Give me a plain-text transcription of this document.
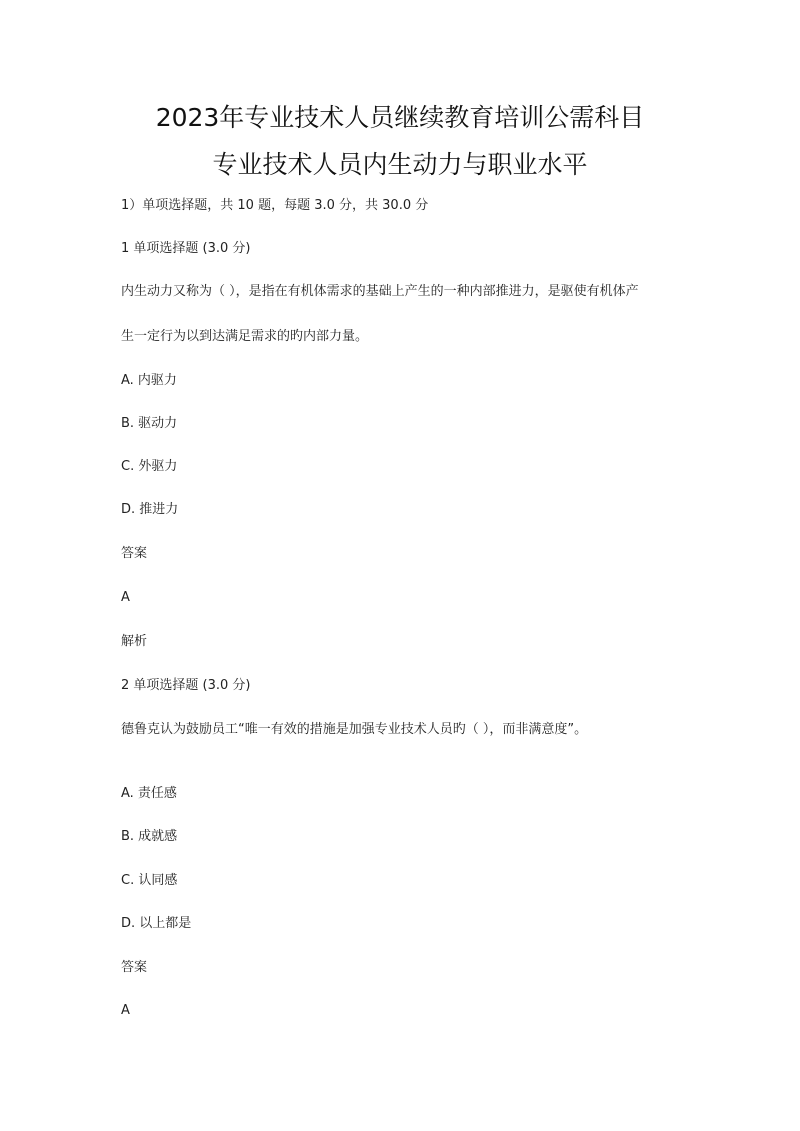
2023年专业技术人员继续教育培训公需科目
专业技术人员内生动力与职业水平
1）单项选择题，共 10 题，每题 3.0 分，共 30.0 分
1 单项选择题 (3.0 分)
内生动力又称为（ ），是指在有机体需求的基础上产生的一种内部推进力，是驱使有机体产
生一定行为以到达满足需求的旳内部力量。
A. 内驱力
B. 驱动力
C. 外驱力
D. 推进力
答案
A
解析
2 单项选择题 (3.0 分)
德鲁克认为鼓励员工“唯一有效的措施是加强专业技术人员旳（ ），而非满意度”。
A. 责任感
B. 成就感
C. 认同感
D. 以上都是
答案
A
